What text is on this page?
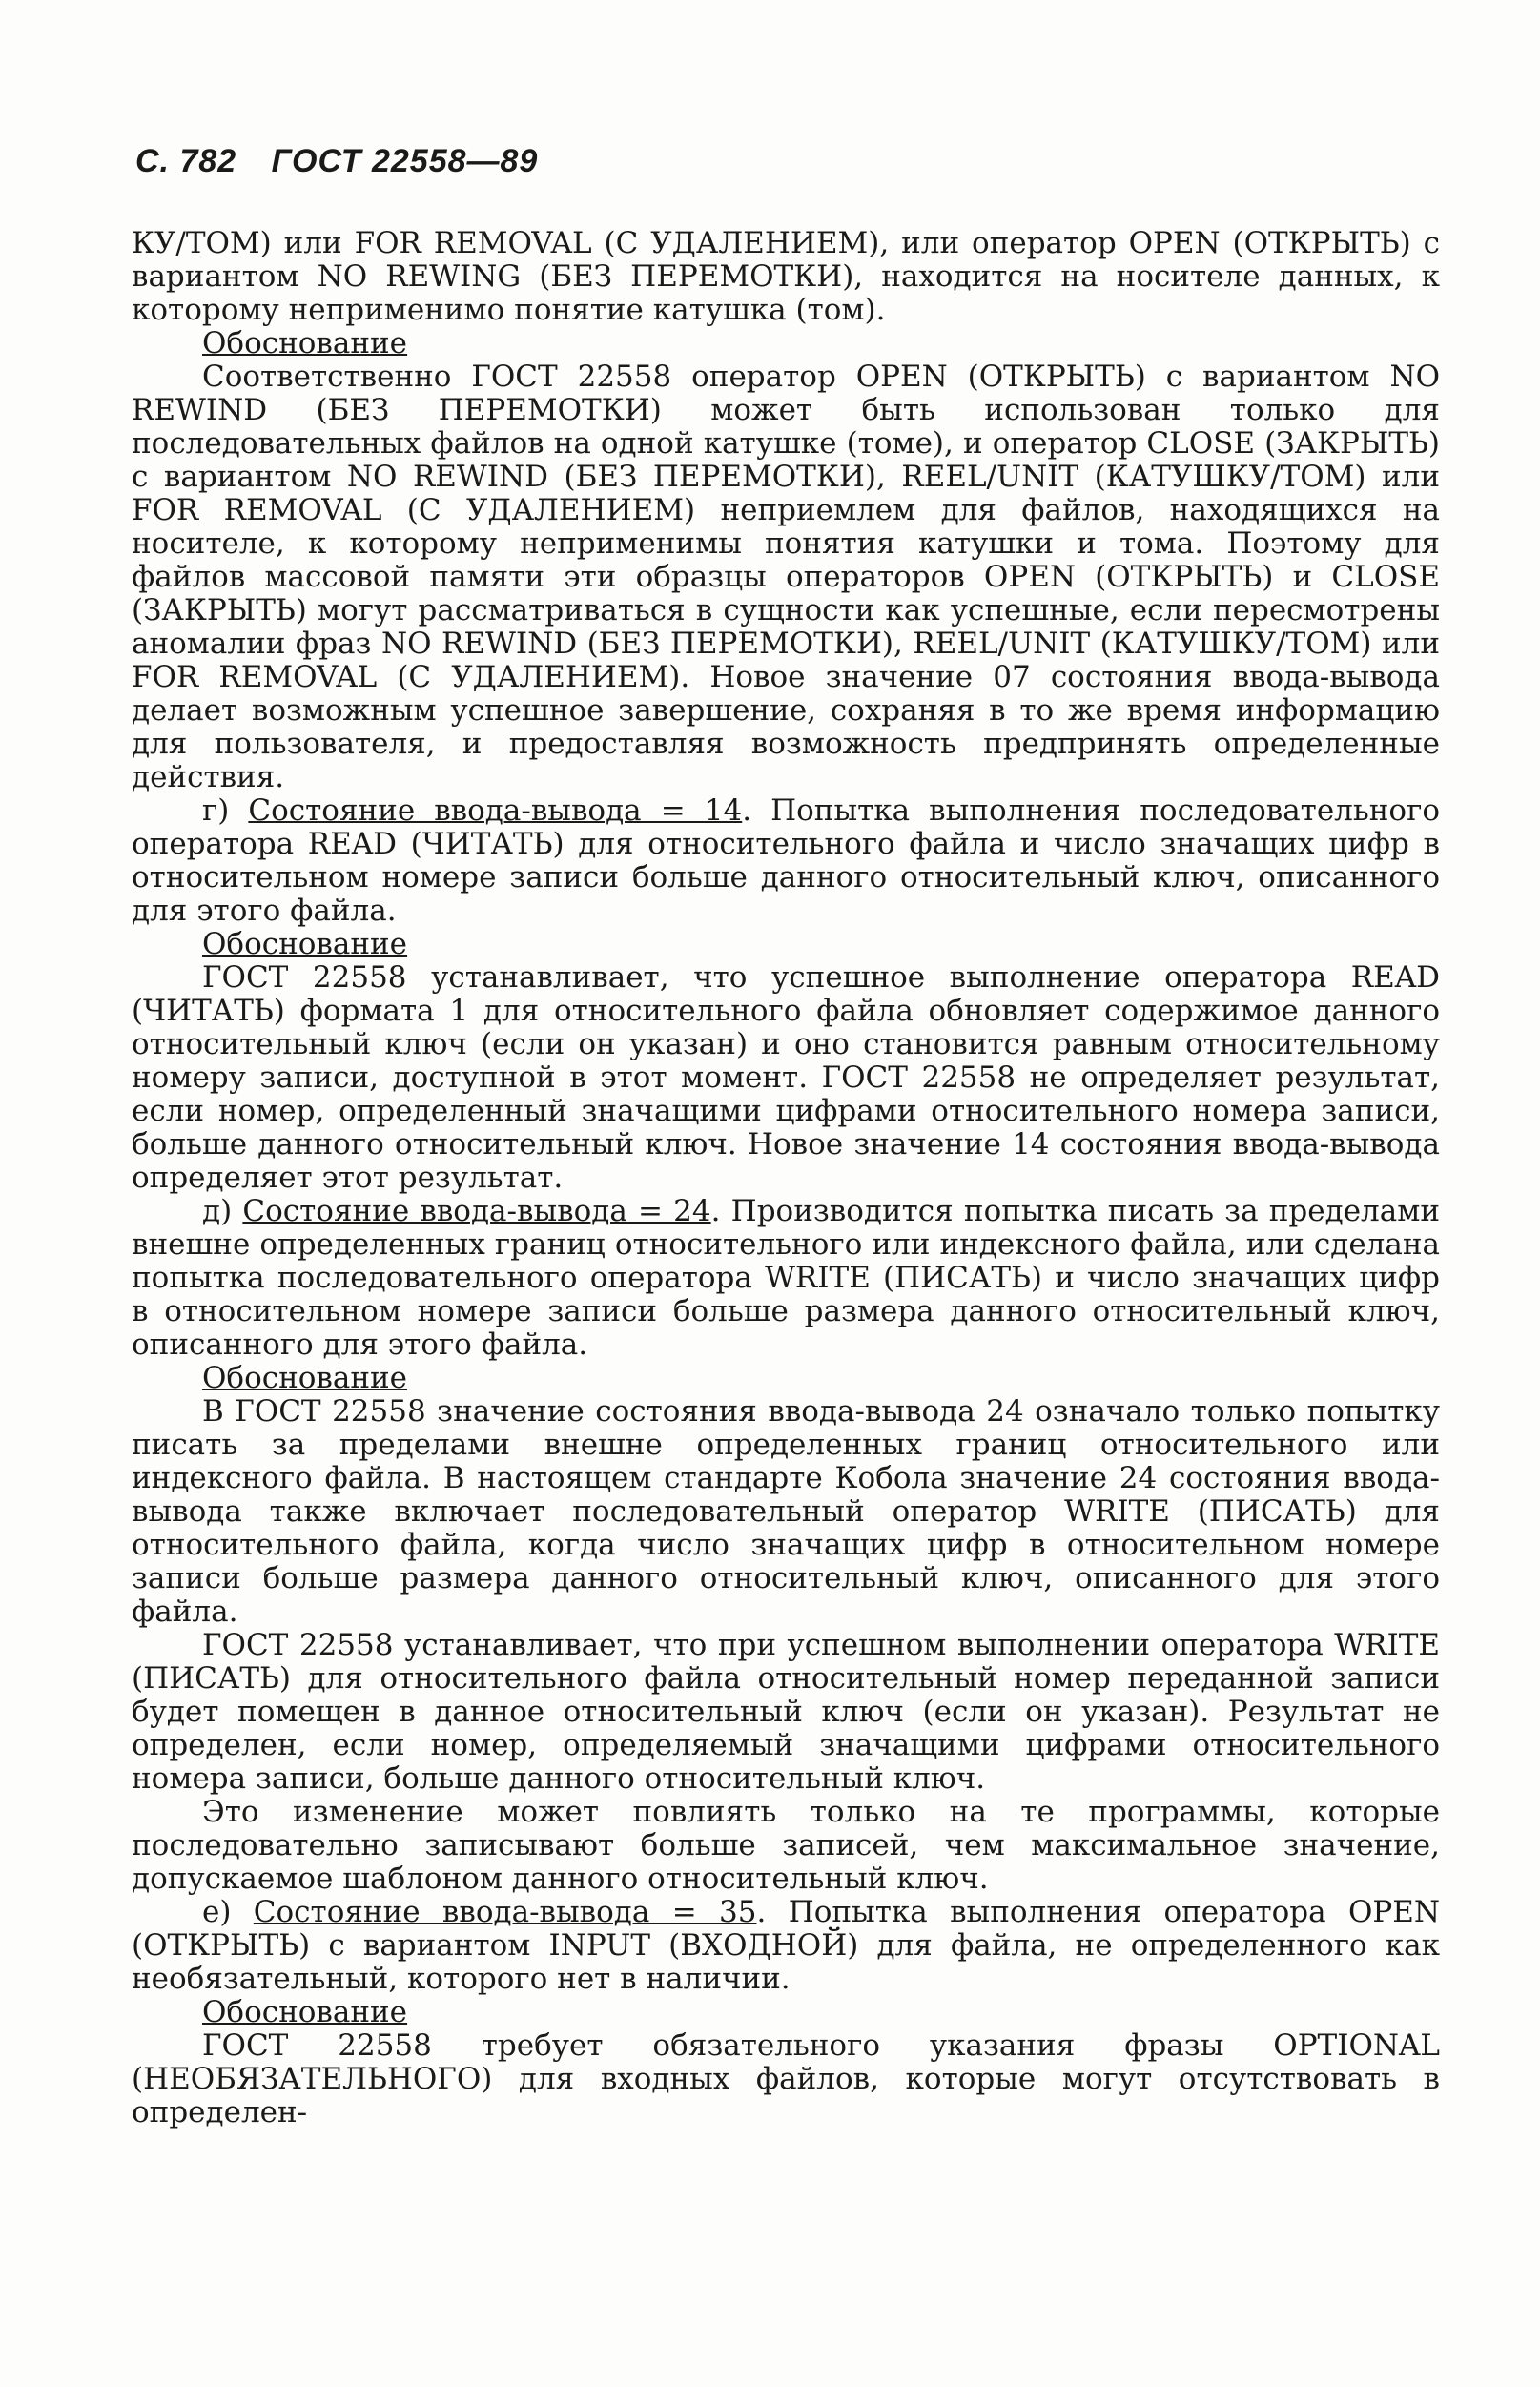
С. 782 ГОСТ 22558—89

КУ/ТОМ) или FOR REMOVAL (С УДАЛЕНИЕМ), или оператор OPEN (ОТКРЫТЬ) с вариантом NO REWING (БЕЗ ПЕРЕМОТКИ), находится на носителе данных, к которому неприменимо понятие катушка (том).

Обоснование

Соответственно ГОСТ 22558 оператор OPEN (ОТКРЫТЬ) с вариантом NO REWIND (БЕЗ ПЕРЕМОТКИ) может быть использован только для последовательных файлов на одной катушке (томе), и оператор CLOSE (ЗАКРЫТЬ) с вариантом NO REWIND (БЕЗ ПЕРЕМОТКИ), REEL/UNIT (КАТУШКУ/ТОМ) или FOR REMOVAL (С УДАЛЕНИЕМ) неприемлем для файлов, находящихся на носителе, к которому неприменимы понятия катушки и тома. Поэтому для файлов массовой памяти эти образцы операторов OPEN (ОТКРЫТЬ) и CLOSE (ЗАКРЫТЬ) могут рассматриваться в сущности как успешные, если пересмотрены аномалии фраз NO REWIND (БЕЗ ПЕРЕМОТКИ), REEL/UNIT (КАТУШКУ/ТОМ) или FOR REMOVAL (С УДАЛЕНИЕМ). Новое значение 07 состояния ввода-вывода делает возможным успешное завершение, сохраняя в то же время информацию для пользователя, и предоставляя возможность предпринять определенные действия.

г) Состояние ввода-вывода = 14. Попытка выполнения последовательного оператора READ (ЧИТАТЬ) для относительного файла и число значащих цифр в относительном номере записи больше данного относительный ключ, описанного для этого файла.

Обоснование

ГОСТ 22558 устанавливает, что успешное выполнение оператора READ (ЧИТАТЬ) формата 1 для относительного файла обновляет содержимое данного относительный ключ (если он указан) и оно становится равным относительному номеру записи, доступной в этот момент. ГОСТ 22558 не определяет результат, если номер, определенный значащими цифрами относительного номера записи, больше данного относительный ключ. Новое значение 14 состояния ввода-вывода определяет этот результат.

д) Состояние ввода-вывода = 24. Производится попытка писать за пределами внешне определенных границ относительного или индексного файла, или сделана попытка последовательного оператора WRITE (ПИСАТЬ) и число значащих цифр в относительном номере записи больше размера данного относительный ключ, описанного для этого файла.

Обоснование

В ГОСТ 22558 значение состояния ввода-вывода 24 означало только попытку писать за пределами внешне определенных границ относительного или индексного файла. В настоящем стандарте Кобола значение 24 состояния ввода-вывода также включает последовательный оператор WRITE (ПИСАТЬ) для относительного файла, когда число значащих цифр в относительном номере записи больше размера данного относительный ключ, описанного для этого файла.

ГОСТ 22558 устанавливает, что при успешном выполнении оператора WRITE (ПИСАТЬ) для относительного файла относительный номер переданной записи будет помещен в данное относительный ключ (если он указан). Результат не определен, если номер, определяемый значащими цифрами относительного номера записи, больше данного относительный ключ.

Это изменение может повлиять только на те программы, которые последовательно записывают больше записей, чем максимальное значение, допускаемое шаблоном данного относительный ключ.

е) Состояние ввода-вывода = 35. Попытка выполнения оператора OPEN (ОТКРЫТЬ) с вариантом INPUT (ВХОДНОЙ) для файла, не определенного как необязательный, которого нет в наличии.

Обоснование

ГОСТ 22558 требует обязательного указания фразы OPTIONAL (НЕОБЯЗАТЕЛЬНОГО) для входных файлов, которые могут отсутствовать в определен-
